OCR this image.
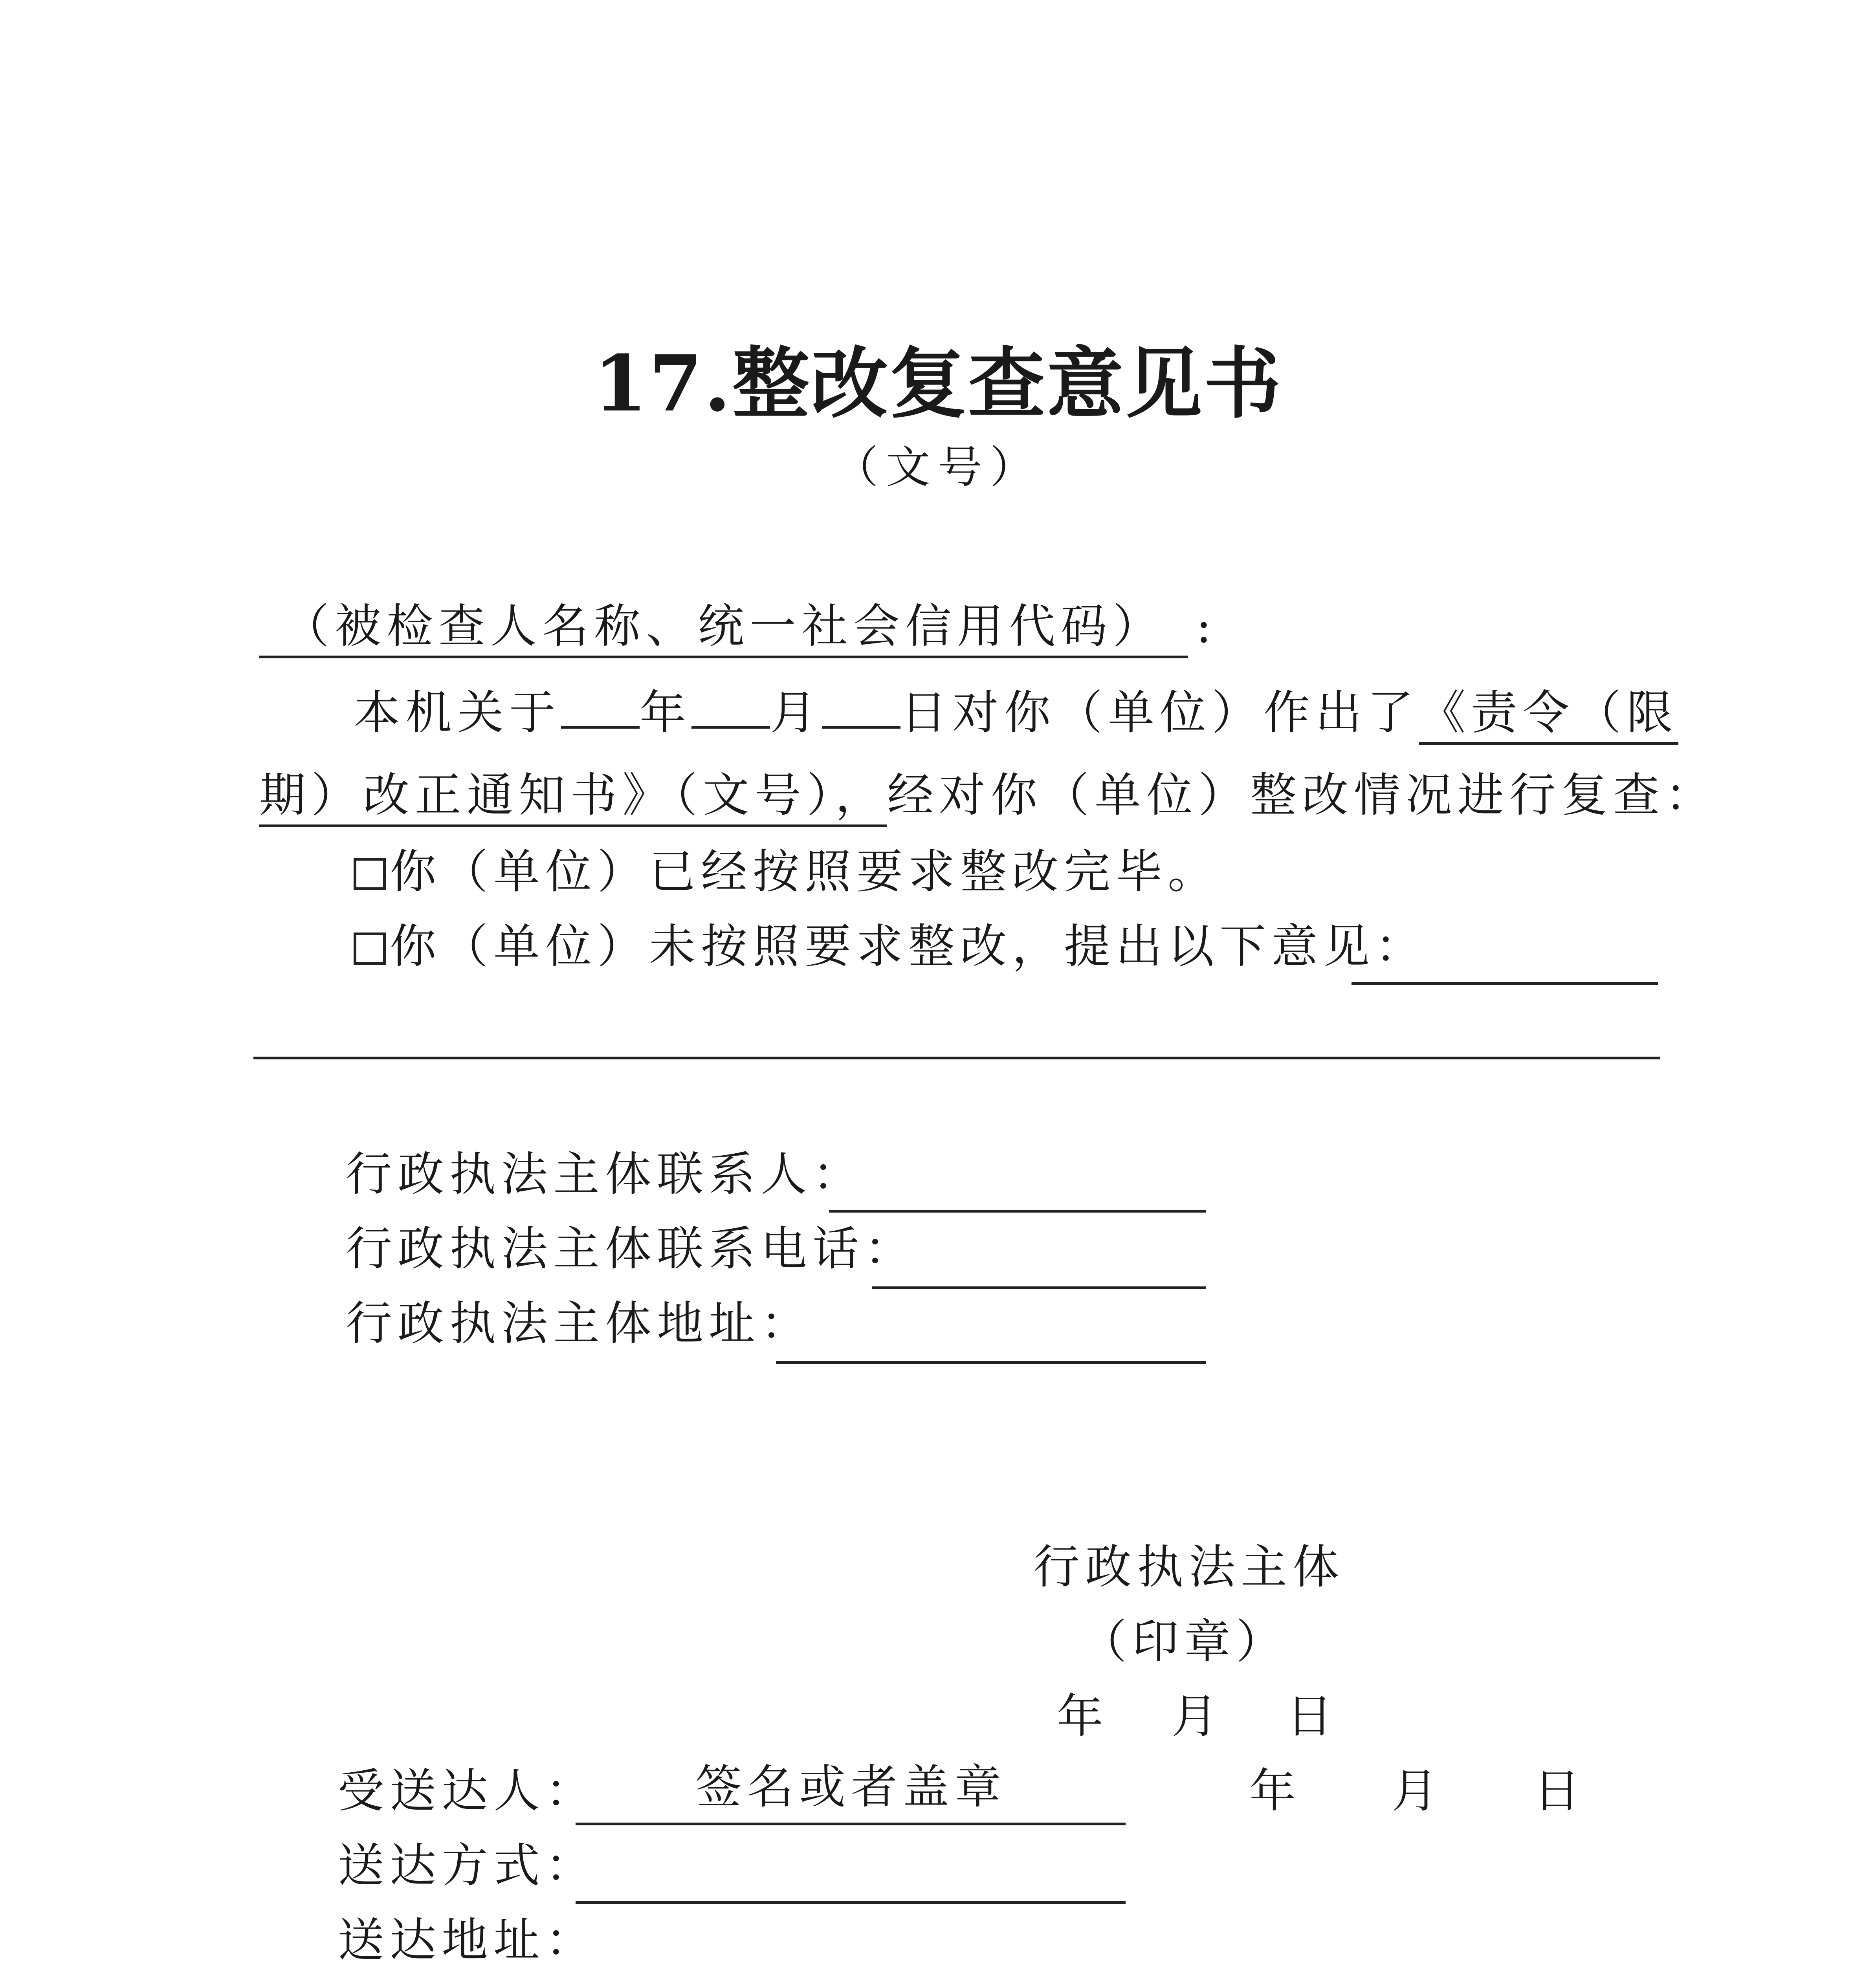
17.整改复查意见书
（文号）
（被检查人名称、统一社会信用代码） :
本机关于 年 月 日对你（单位）作出了《责令（限
期）改正通知书》（文号），经对你（单位）整改情况进行复查：
你（单位）已经按照要求整改完毕。
你（单位）未按照要求整改，提出以下意见：
行政执法主体联系人：
行政执法主体联系电话：
行政执法主体地址：
行政执法主体
（印章）
年 月 日
受送达人： 签名或者盖章	年 月 日
送达方式：
送达地址：
